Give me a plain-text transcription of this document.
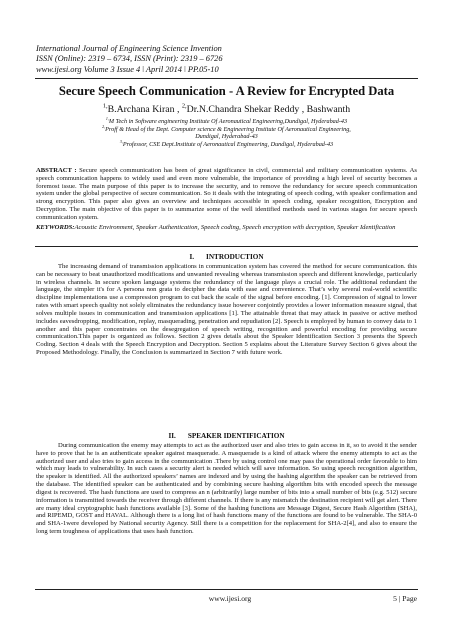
International Journal of Engineering Science Invention
ISSN (Online): 2319 – 6734, ISSN (Print): 2319 – 6726
www.ijesi.org Volume 3 Issue 4 ǀ April 2014 ǀ PP.05-10
Secure Speech Communication - A Review for Encrypted Data
$^{1,}$B.Archana Kiran , $^{2,}$Dr.N.Chandra Shekar Reddy , Bashwanth
$^{1,}$M Tech in Software engineering Institute Of Aeronautical Engineering,Dundigal, Hyderabad-43
$^{2,}$Proff & Head of the Dept. Computer science & Engineering Institute Of Aeronautical Engineering,
Dundigal, Hyderabad-43
$^{3,}$Professor, CSE Dept.Institute of Aeronautical Engineering, Dundigal, Hyderabad-43
ABSTRACT : Secure speech communication has been of great significance in civil, commercial and military communication systems. As speech communication happens to widely used and even more vulnerable, the importance of providing a high level of security becomes a foremost issue. The main purpose of this paper is to increase the security, and to remove the redundancy for secure speech communication system under the global perspective of secure communication. So it deals with the integrating of speech coding, with speaker confirmation and strong encryption. This paper also gives an overview and techniques accessible in speech coding, speaker recognition, Encryption and Decryption. The main objective of this paper is to summarize some of the well identified methods used in various stages for secure speech communication system.
KEYWORDS:Acoustic Environment, Speaker Authentication, Speech coding, Speech encryption with decryption, Speaker Identification
I. INTRODUCTION
The increasing demand of transmission applications in communication system has covered the method for secure communication. this can be necessary to beat unauthorized modifications and unwanted revealing whereas transmission speech and different knowledge, particularly in wireless channels. In secure spoken language systems the redundancy of the language plays a crucial role. The additional redundant the language, the simpler it's for A persona non grata to decipher the data with ease and convenience. That’s why several real-world scientific discipline implementations use a compression program to cut back the scale of the signal before encoding. [1]. Compression of signal to lower rates with smart speech quality not solely eliminates the redundancy issue however conjointly provides a lower information measure signal, that solves multiple issues in communication and transmission applications [1]. The attainable threat that may attack in passive or active method includes eavesdropping, modification, replay, masquerading, penetration and repudiation [2]. Speech is employed by human to convey data to 1 another and this paper concentrates on the desegregation of speech writing, recognition and powerful encoding for providing secure communication.This paper is organized as follows. Section 2 gives details about the Speaker Identification Section 3 presents the Speech Coding. Section 4 deals with the Speech Encryption and Decryption. Section 5 explains about the Literature Survey Section 6 gives about the Proposed Methodology. Finally, the Conclusion is summarized in Section 7 with future work.
II. SPEAKER IDENTIFICATION
During communication the enemy may attempts to act as the authorized user and also tries to gain access in it, so to avoid it the sender have to prove that he is an authenticate speaker against masquerade. A masquerade is a kind of attack where the enemy attempts to act as the authorized user and also tries to gain access in the communication .There by using control one may pass the operational order favorable to him which may leads to vulnerability. In such cases a security alert is needed which will save information. So using speech recognition algorithm, the speaker is identified. All the authorized speakers’ names are indexed and by using the hashing algorithm the speaker can be retrieved from the database. The identified speaker can be authenticated and by combining secure hashing algorithm bits with encoded speech the message digest is recovered. The hash functions are used to compress an n (arbitrarily) large number of bits into a small number of bits (e.g. 512) secure information is transmitted towards the receiver through different channels. If there is any mismatch the destination recipient will get alert. There are many ideal cryptographic hash functions available [3]. Some of the hashing functions are Message Digest, Secure Hash Algorithm (SHA), and RIPEMD, GOST and HAVAL. Although there is a long list of hash functions many of the functions are found to be vulnerable. The SHA-0 and SHA-1were developed by National security Agency. Still there is a competition for the replacement for SHA-2[4], and also to ensure the long term toughness of applications that uses hash function.
www.ijesi.org	5 | Page
